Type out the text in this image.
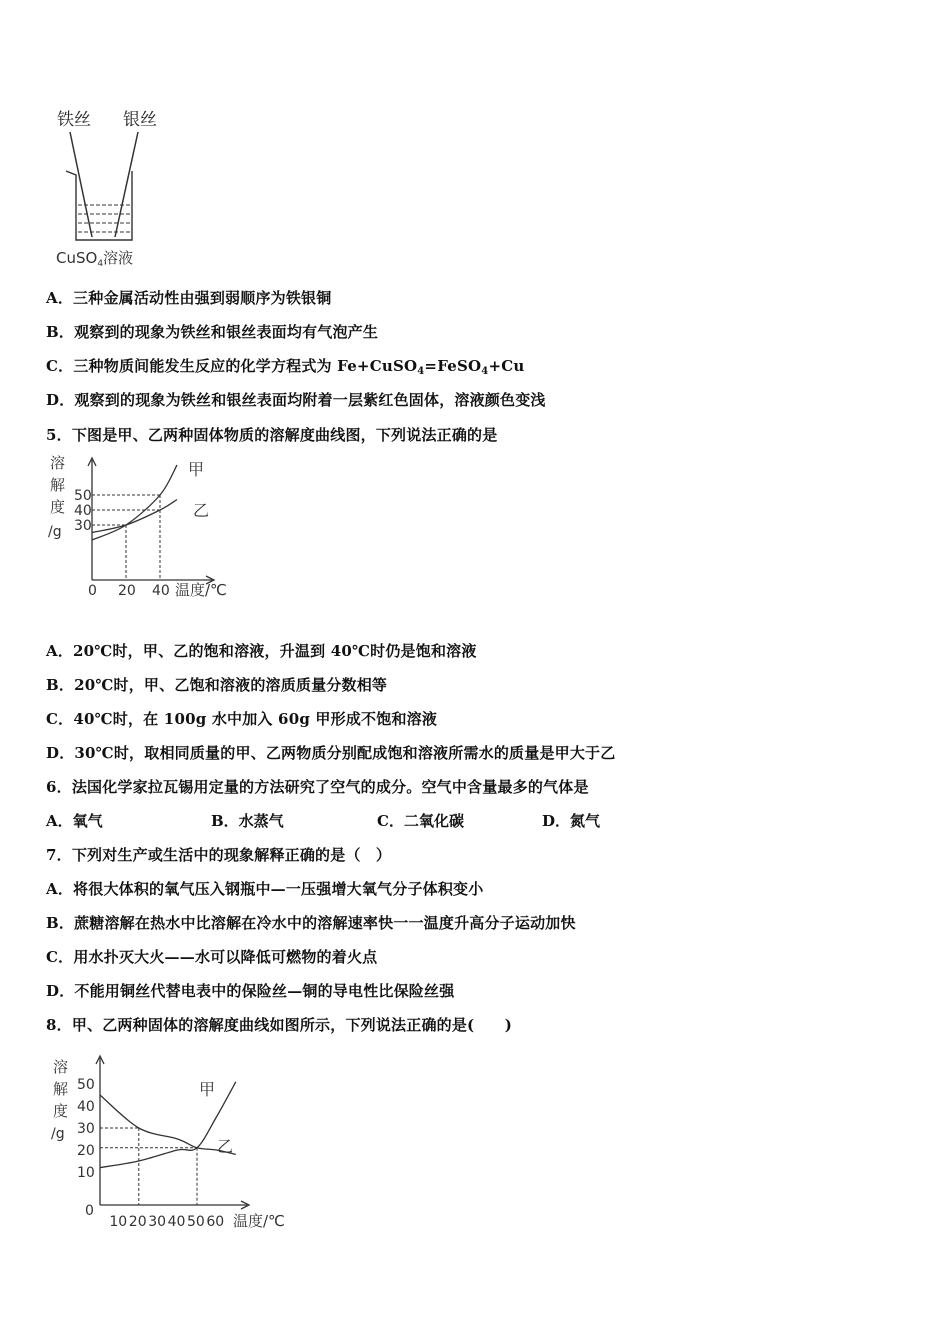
铁丝 银丝
CuSO$_4$溶液
A．三种金属活动性由强到弱顺序为铁银铜
B．观察到的现象为铁丝和银丝表面均有气泡产生
C．三种物质间能发生反应的化学方程式为 Fe+CuSO$_4$=FeSO$_4$+Cu
D．观察到的现象为铁丝和银丝表面均附着一层紫红色固体，溶液颜色变浅
5．下图是甲、乙两种固体物质的溶解度曲线图，下列说法正确的是
溶
解
度
/g
50
40
30
0 20 40
甲
乙
温度/℃
A．20℃时，甲、乙的饱和溶液，升温到 40℃时仍是饱和溶液
B．20℃时，甲、乙饱和溶液的溶质质量分数相等
C．40℃时，在 100g 水中加入 60g 甲形成不饱和溶液
D．30℃时，取相同质量的甲、乙两物质分别配成饱和溶液所需水的质量是甲大于乙
6．法国化学家拉瓦锡用定量的方法研究了空气的成分。空气中含量最多的气体是
A．氧气	B．水蒸气	C．二氧化碳	D．氮气
7．下列对生产或生活中的现象解释正确的是（　）
A．将很大体积的氧气压入钢瓶中—一压强增大氧气分子体积变小
B．蔗糖溶解在热水中比溶解在冷水中的溶解速率快一一温度升高分子运动加快
C．用水扑灭大火——水可以降低可燃物的着火点
D．不能用铜丝代替电表中的保险丝—铜的导电性比保险丝强
8．甲、乙两种固体的溶解度曲线如图所示，下列说法正确的是(　　)
溶
解
度
/g
50
40
30
20
10
0
10 20 30 40 50 60
甲
乙
温度/℃
